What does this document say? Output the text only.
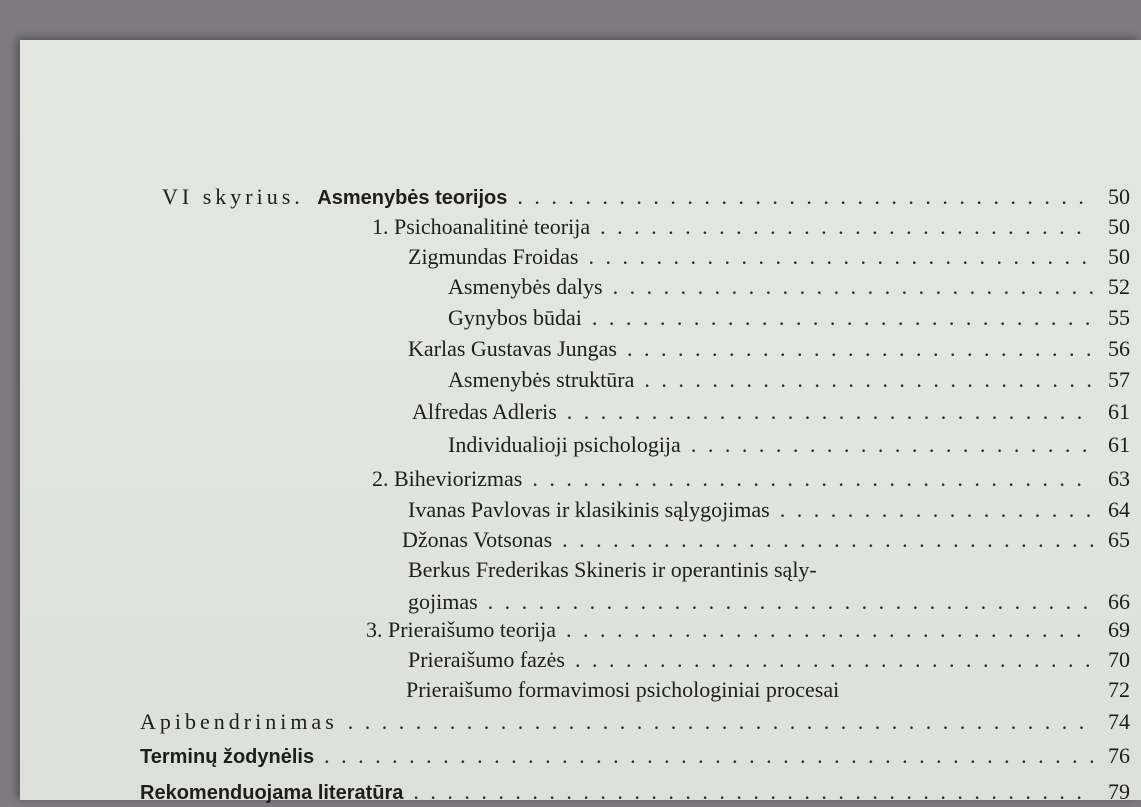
VI skyrius. Asmenybės teorijos . . .	50
1. Psichoanalitinė teorija . . .	50
Zigmundas Froidas . . .	50
Asmenybės dalys . . .	52
Gynybos būdai . . .	55
Karlas Gustavas Jungas . . .	56
Asmenybės struktūra . . .	57
Alfredas Adleris . . .	61
Individualioji psichologija . . .	61
2. Biheviorizmas . . .	63
Ivanas Pavlovas ir klasikinis sąlygojimas . . .	64
Džonas Votsonas . . .	65
Berkus Frederikas Skineris ir operantinis sąly-
gojimas . . .	66
3. Prieraišumo teorija . . .	69
Prieraišumo fazės . . .	70
Prieraišumo formavimosi psichologiniai procesai	72
Apibendrinimas . . .	74
Terminų žodynėlis . . .	76
Rekomenduojama literatūra . . .	79
